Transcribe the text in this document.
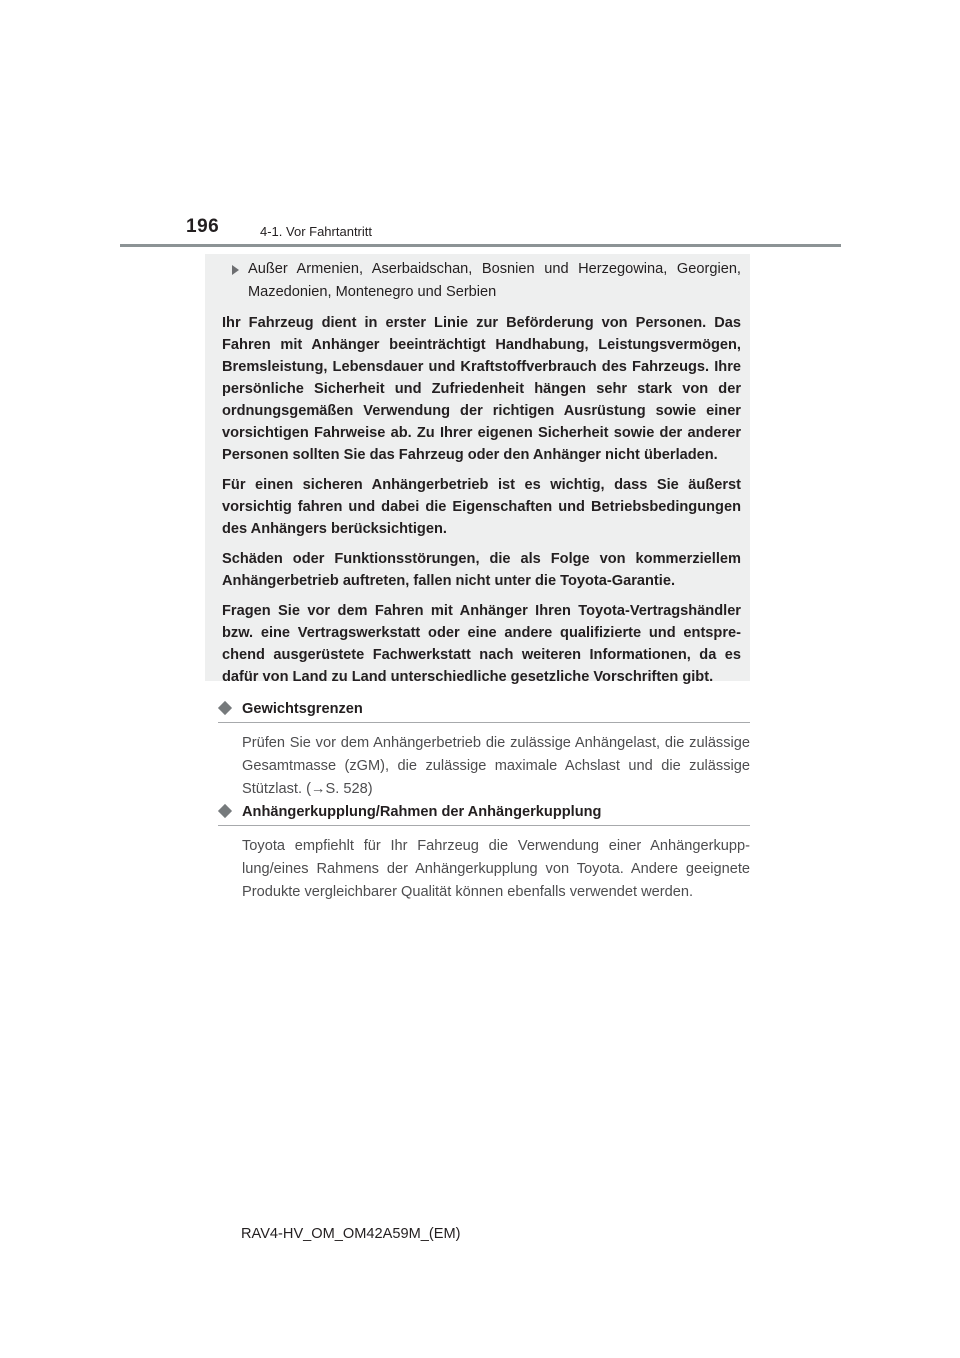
196	4-1. Vor Fahrtantritt
Außer Armenien, Aserbaidschan, Bosnien und Herzegowina, Georgien, Mazedonien, Montenegro und Serbien

Ihr Fahrzeug dient in erster Linie zur Beförderung von Personen. Das Fahren mit Anhänger beeinträchtigt Handhabung, Leistungsvermögen, Bremsleistung, Lebensdauer und Kraftstoffverbrauch des Fahrzeugs. Ihre persönliche Sicherheit und Zufriedenheit hängen sehr stark von der ordnungsgemäßen Verwendung der richtigen Ausrüstung sowie einer vorsichtigen Fahrweise ab. Zu Ihrer eigenen Sicherheit sowie der anderer Personen sollten Sie das Fahrzeug oder den Anhänger nicht überladen.

Für einen sicheren Anhängerbetrieb ist es wichtig, dass Sie äußerst vorsichtig fahren und dabei die Eigenschaften und Betriebsbedingungen des Anhängers berücksichtigen.

Schäden oder Funktionsstörungen, die als Folge von kommerziellem Anhängerbetrieb auftreten, fallen nicht unter die Toyota-Garantie.

Fragen Sie vor dem Fahren mit Anhänger Ihren Toyota-Vertragshändler bzw. eine Vertragswerkstatt oder eine andere qualifizierte und entsprechend ausgerüstete Fachwerkstatt nach weiteren Informationen, da es dafür von Land zu Land unterschiedliche gesetzliche Vorschriften gibt.

Gewichtsgrenzen
Prüfen Sie vor dem Anhängerbetrieb die zulässige Anhängelast, die zulässige Gesamtmasse (zGM), die zulässige maximale Achslast und die zulässige Stützlast. (→S. 528)
Anhängerkupplung/Rahmen der Anhängerkupplung
Toyota empfiehlt für Ihr Fahrzeug die Verwendung einer Anhängerkupplung/eines Rahmens der Anhängerkupplung von Toyota. Andere geeignete Produkte vergleichbarer Qualität können ebenfalls verwendet werden.
RAV4-HV_OM_OM42A59M_(EM)
